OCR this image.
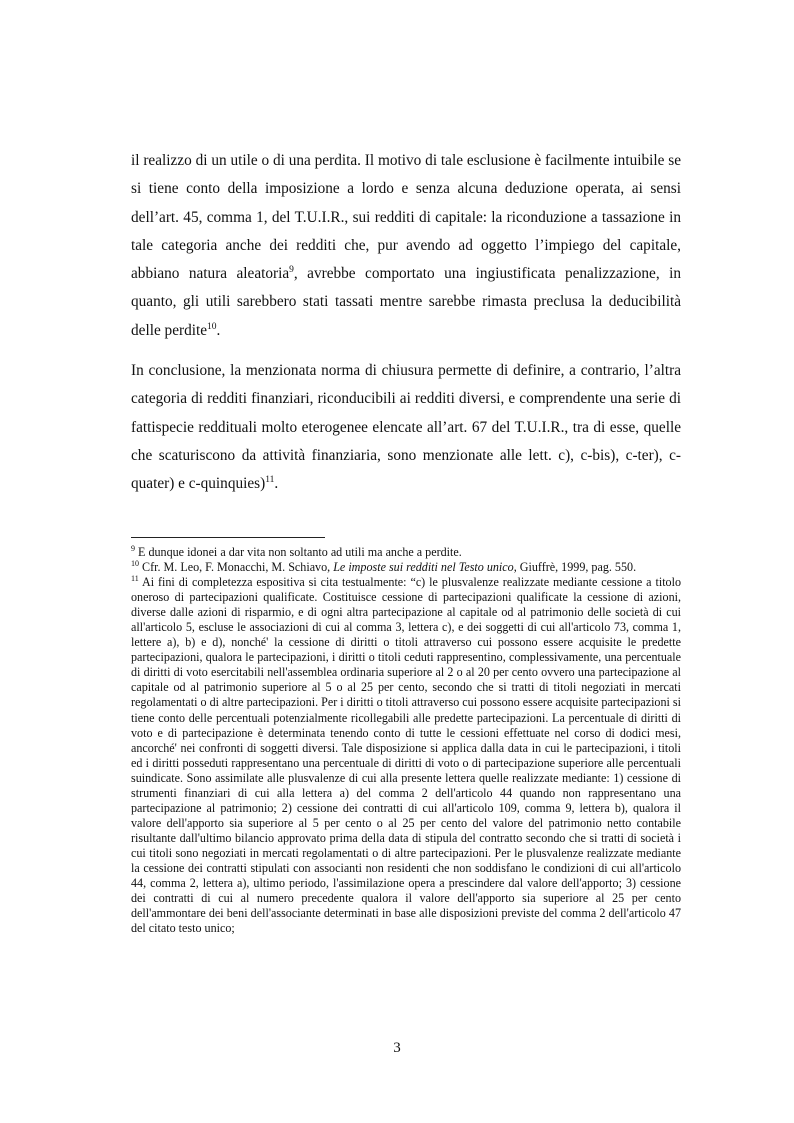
il realizzo di un utile o di una perdita. Il motivo di tale esclusione è facilmente intuibile se si tiene conto della imposizione a lordo e senza alcuna deduzione operata, ai sensi dell’art. 45, comma 1, del T.U.I.R., sui redditi di capitale: la riconduzione a tassazione in tale categoria anche dei redditi che, pur avendo ad oggetto l’impiego del capitale, abbiano natura aleatoria$^9$, avrebbe comportato una ingiustificata penalizzazione, in quanto, gli utili sarebbero stati tassati mentre sarebbe rimasta preclusa la deducibilità delle perdite$^{10}$.

In conclusione, la menzionata norma di chiusura permette di definire, a contrario, l’altra categoria di redditi finanziari, riconducibili ai redditi diversi, e comprendente una serie di fattispecie reddituali molto eterogenee elencate all’art. 67 del T.U.I.R., tra di esse, quelle che scaturiscono da attività finanziaria, sono menzionate alle lett. c), c-bis), c-ter), c-quater) e c-quinquies)$^{11}$.

$^9$ E dunque idonei a dar vita non soltanto ad utili ma anche a perdite.

$^{10}$ Cfr. M. Leo, F. Monacchi, M. Schiavo, Le imposte sui redditi nel Testo unico, Giuffrè, 1999, pag. 550.

$^{11}$ Ai fini di completezza espositiva si cita testualmente: “c) le plusvalenze realizzate mediante cessione a titolo oneroso di partecipazioni qualificate. Costituisce cessione di partecipazioni qualificate la cessione di azioni, diverse dalle azioni di risparmio, e di ogni altra partecipazione al capitale od al patrimonio delle società di cui all'articolo 5, escluse le associazioni di cui al comma 3, lettera c), e dei soggetti di cui all'articolo 73, comma 1, lettere a), b) e d), nonché' la cessione di diritti o titoli attraverso cui possono essere acquisite le predette partecipazioni, qualora le partecipazioni, i diritti o titoli ceduti rappresentino, complessivamente, una percentuale di diritti di voto esercitabili nell'assemblea ordinaria superiore al 2 o al 20 per cento ovvero una partecipazione al capitale od al patrimonio superiore al 5 o al 25 per cento, secondo che si tratti di titoli negoziati in mercati regolamentati o di altre partecipazioni. Per i diritti o titoli attraverso cui possono essere acquisite partecipazioni si tiene conto delle percentuali potenzialmente ricollegabili alle predette partecipazioni. La percentuale di diritti di voto e di partecipazione è determinata tenendo conto di tutte le cessioni effettuate nel corso di dodici mesi, ancorché' nei confronti di soggetti diversi. Tale disposizione si applica dalla data in cui le partecipazioni, i titoli ed i diritti posseduti rappresentano una percentuale di diritti di voto o di partecipazione superiore alle percentuali suindicate. Sono assimilate alle plusvalenze di cui alla presente lettera quelle realizzate mediante: 1) cessione di strumenti finanziari di cui alla lettera a) del comma 2 dell'articolo 44 quando non rappresentano una partecipazione al patrimonio; 2) cessione dei contratti di cui all'articolo 109, comma 9, lettera b), qualora il valore dell'apporto sia superiore al 5 per cento o al 25 per cento del valore del patrimonio netto contabile risultante dall'ultimo bilancio approvato prima della data di stipula del contratto secondo che si tratti di società i cui titoli sono negoziati in mercati regolamentati o di altre partecipazioni. Per le plusvalenze realizzate mediante la cessione dei contratti stipulati con associanti non residenti che non soddisfano le condizioni di cui all'articolo 44, comma 2, lettera a), ultimo periodo, l'assimilazione opera a prescindere dal valore dell'apporto; 3) cessione dei contratti di cui al numero precedente qualora il valore dell'apporto sia superiore al 25 per cento dell'ammontare dei beni dell'associante determinati in base alle disposizioni previste del comma 2 dell'articolo 47 del citato testo unico;

3
